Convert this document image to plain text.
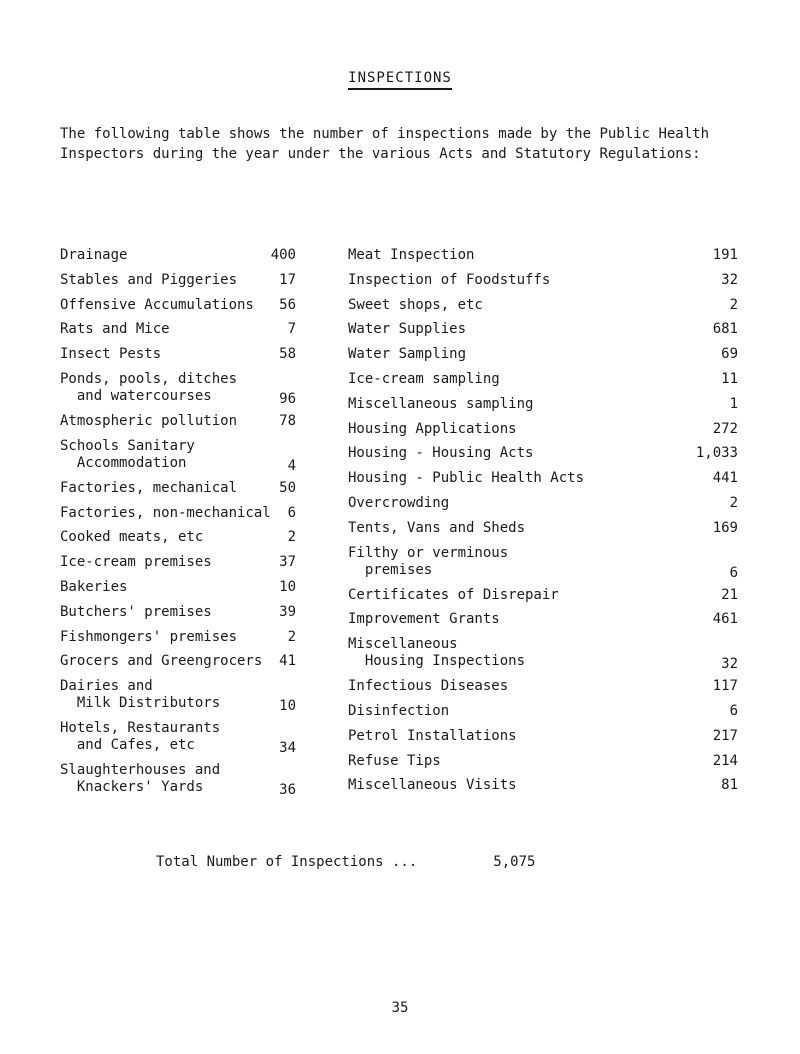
INSPECTIONS
The following table shows the number of inspections made by the Public Health Inspectors during the year under the various Acts and Statutory Regulations:
Drainage	400
Stables and Piggeries	17
Offensive Accumulations 56
Rats and Mice	7
Insect Pests	58
Ponds, pools, ditches
and watercourses	96
Atmospheric pollution	78
Schools Sanitary
Accommodation	4
Factories, mechanical	50
Factories, non-mechanical 6
Cooked meats, etc	2
Ice-cream premises	37
Bakeries	10
Butchers' premises	39
Fishmongers' premises	2
Grocers and Greengrocers 41
Dairies and
Milk Distributors	10
Hotels, Restaurants
and Cafes, etc	34
Slaughterhouses and
Knackers' Yards	36
Meat Inspection	191
Inspection of Foodstuffs	32
Sweet shops, etc	2
Water Supplies	681
Water Sampling	69
Ice-cream sampling	11
Miscellaneous sampling	1
Housing Applications	272
Housing - Housing Acts	1,033
Housing - Public Health Acts	441
Overcrowding	2
Tents, Vans and Sheds	169
Filthy or verminous
premises	6
Certificates of Disrepair	21
Improvement Grants	461
Miscellaneous
Housing Inspections	32
Infectious Diseases	117
Disinfection	6
Petrol Installations	217
Refuse Tips	214
Miscellaneous Visits	81
Total Number of Inspections ...	5,075
35
